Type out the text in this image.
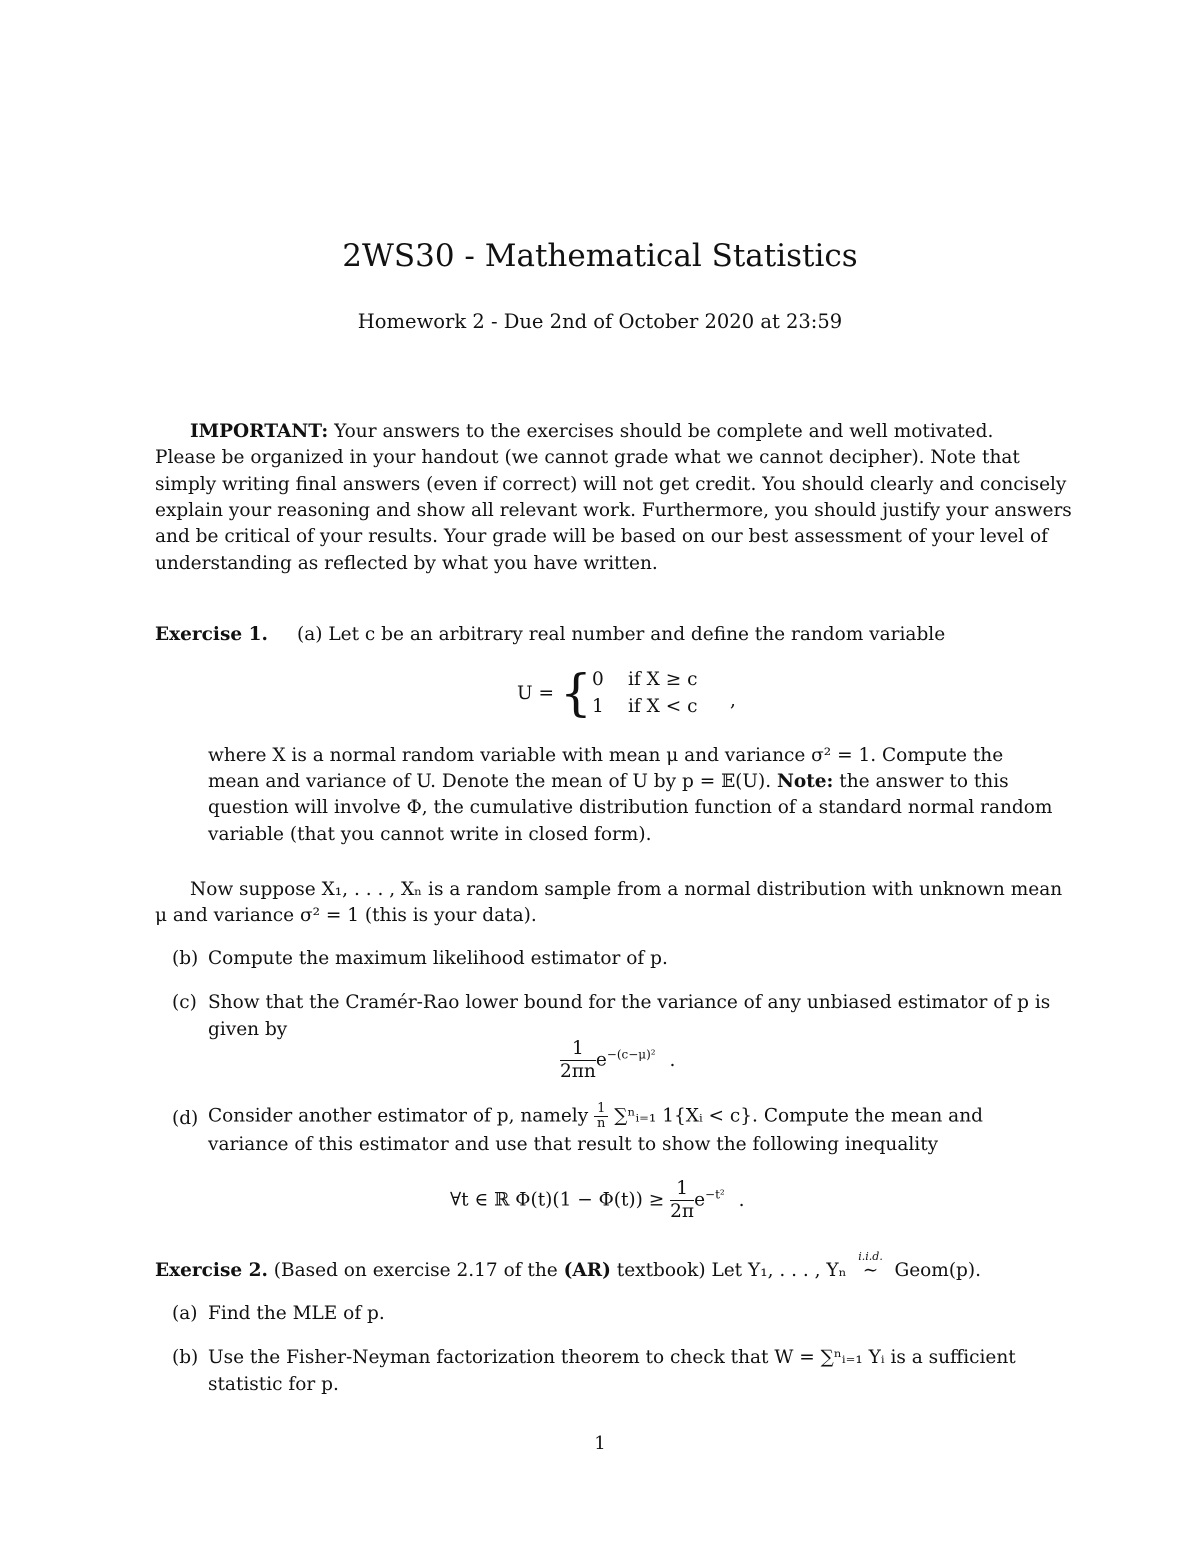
2WS30 - Mathematical Statistics
Homework 2 - Due 2nd of October 2020 at 23:59
IMPORTANT: Your answers to the exercises should be complete and well motivated.
Please be organized in your handout (we cannot grade what we cannot decipher). Note that
simply writing final answers (even if correct) will not get credit. You should clearly and concisely
explain your reasoning and show all relevant work. Furthermore, you should justify your answers
and be critical of your results. Your grade will be based on our best assessment of your level of
understanding as reflected by what you have written.
Exercise 1. (a) Let c be an arbitrary real number and define the random variable
U = { 0 if X ≥ c
1 if X < c ,
where X is a normal random variable with mean μ and variance σ² = 1. Compute the
mean and variance of U. Denote the mean of U by p = 𝔼(U). Note: the answer to this
question will involve Φ, the cumulative distribution function of a standard normal random
variable (that you cannot write in closed form).
Now suppose X₁, . . . , Xₙ is a random sample from a normal distribution with unknown mean
μ and variance σ² = 1 (this is your data).
(b) Compute the maximum likelihood estimator of p.
(c) Show that the Cramér-Rao lower bound for the variance of any unbiased estimator of p is
given by
$\frac{1}{2\pi n} e^{-(c-\mu)^2}$ .
(d) Consider another estimator of p, namely $\frac{1}{n}$ ∑ⁿᵢ₌₁ 1{Xᵢ < c}. Compute the mean and
variance of this estimator and use that result to show the following inequality
∀t ∈ ℝ $\Phi(t)(1 - \Phi(t)) \ge \frac{1}{2\pi} e^{-t^2}$ .
Exercise 2. (Based on exercise 2.17 of the (AR) textbook) Let Y₁, . . . , Yₙ
i.i.d.
∼ Geom(p).
(a) Find the MLE of p.
(b) Use the Fisher-Neyman factorization theorem to check that W = ∑ⁿᵢ₌₁ Yᵢ is a sufficient
statistic for p.
1
